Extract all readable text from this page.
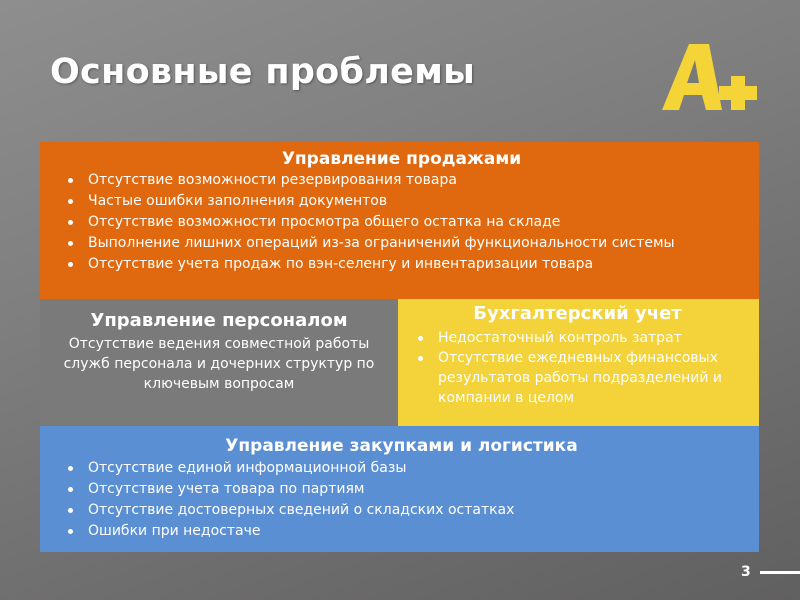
Основные проблемы
Управление продажами
Отсутствие возможности резервирования товара
Частые ошибки заполнения документов
Отсутствие возможности просмотра общего остатка на складе
Выполнение лишних операций из-за ограничений функциональности системы
Отсутствие учета продаж по вэн-селенгу и инвентаризации товара
Управление персоналом

Отсутствие ведения совместной работы служб персонала и дочерних структур по ключевым вопросам

Бухгалтерский учет
Недостаточный контроль затрат
Отсутствие ежедневных финансовых результатов работы подразделений и компании в целом
Управление закупками и логистика
Отсутствие единой информационной базы
Отсутствие учета товара по партиям
Отсутствие достоверных сведений о складских остатках
Ошибки при недостаче
3
